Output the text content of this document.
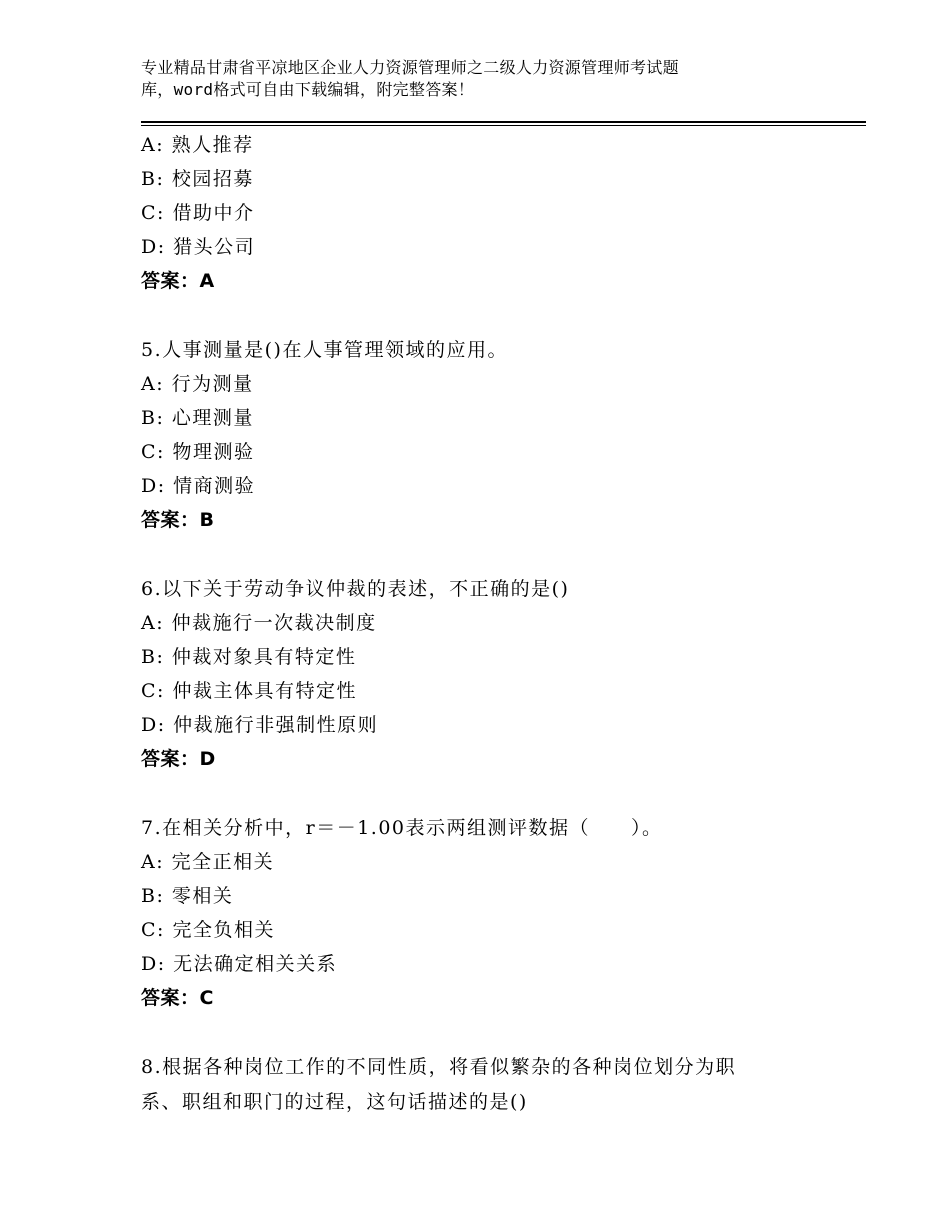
专业精品甘肃省平凉地区企业人力资源管理师之二级人力资源管理师考试题
库，word格式可自由下载编辑，附完整答案！
A: 熟人推荐
B: 校园招募
C: 借助中介
D: 猎头公司
答案：A
5.人事测量是()在人事管理领域的应用。
A: 行为测量
B: 心理测量
C: 物理测验
D: 情商测验
答案：B
6.以下关于劳动争议仲裁的表述，不正确的是()
A: 仲裁施行一次裁决制度
B: 仲裁对象具有特定性
C: 仲裁主体具有特定性
D: 仲裁施行非强制性原则
答案：D
7.在相关分析中，r＝－1.00表示两组测评数据（　　）。
A: 完全正相关
B: 零相关
C: 完全负相关
D: 无法确定相关关系
答案：C
8.根据各种岗位工作的不同性质，将看似繁杂的各种岗位划分为职
系、职组和职门的过程，这句话描述的是()
